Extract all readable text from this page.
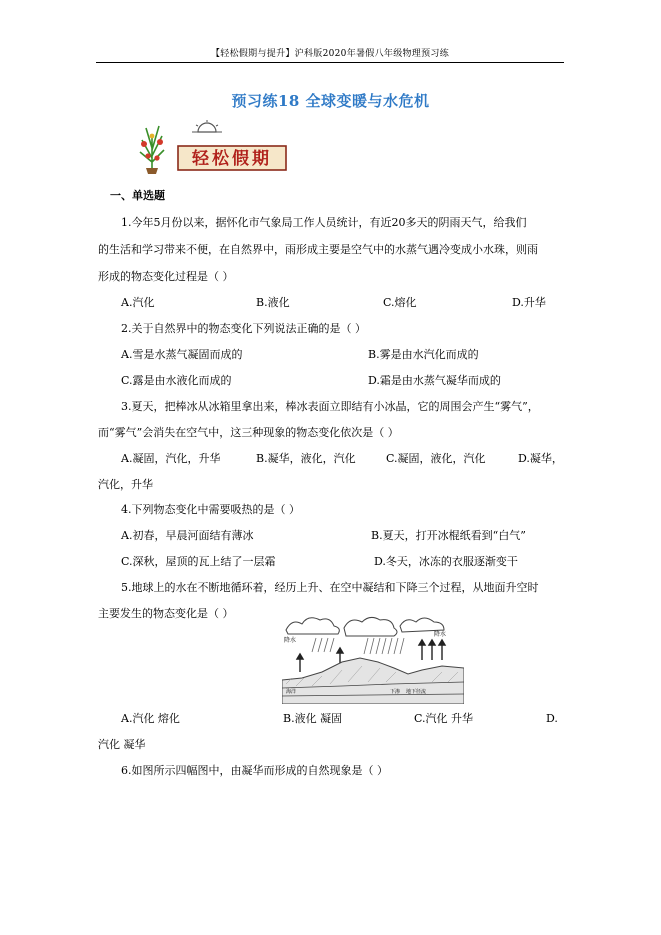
【轻松假期与提升】沪科版2020年暑假八年级物理预习练
预习练18 全球变暖与水危机
轻松假期
一、单选题
1.今年5月份以来，据怀化市气象局工作人员统计，有近20多天的阴雨天气，给我们
的生活和学习带来不便，在自然界中，雨形成主要是空气中的水蒸气遇冷变成小水珠，则雨
形成的物态变化过程是（ ）
A.汽化	B.液化	C.熔化	D.升华
2.关于自然界中的物态变化下列说法正确的是（ ）
A.雪是水蒸气凝固而成的	B.雾是由水汽化而成的
C.露是由水液化而成的	D.霜是由水蒸气凝华而成的
3.夏天，把棒冰从冰箱里拿出来，棒冰表面立即结有小冰晶，它的周围会产生“雾气”，
而“雾气”会消失在空气中，这三种现象的物态变化依次是（ ）
A.凝固，汽化，升华	B.凝华，液化，汽化	C.凝固，液化，汽化	D.凝华，
汽化，升华
4.下列物态变化中需要吸热的是（ ）
A.初春，早晨河面结有薄冰	B.夏天，打开冰棍纸看到“白气”
C.深秋，屋顶的瓦上结了一层霜	D.冬天，冰冻的衣服逐渐变干
5.地球上的水在不断地循环着，经历上升、在空中凝结和下降三个过程，从地面升空时
主要发生的物态变化是（ ）
降水
降水
下渗 地下径流
海洋
A.汽化 熔化	B.液化 凝固	C.汽化 升华	D.
汽化 凝华
6.如图所示四幅图中，由凝华而形成的自然现象是（ ）
